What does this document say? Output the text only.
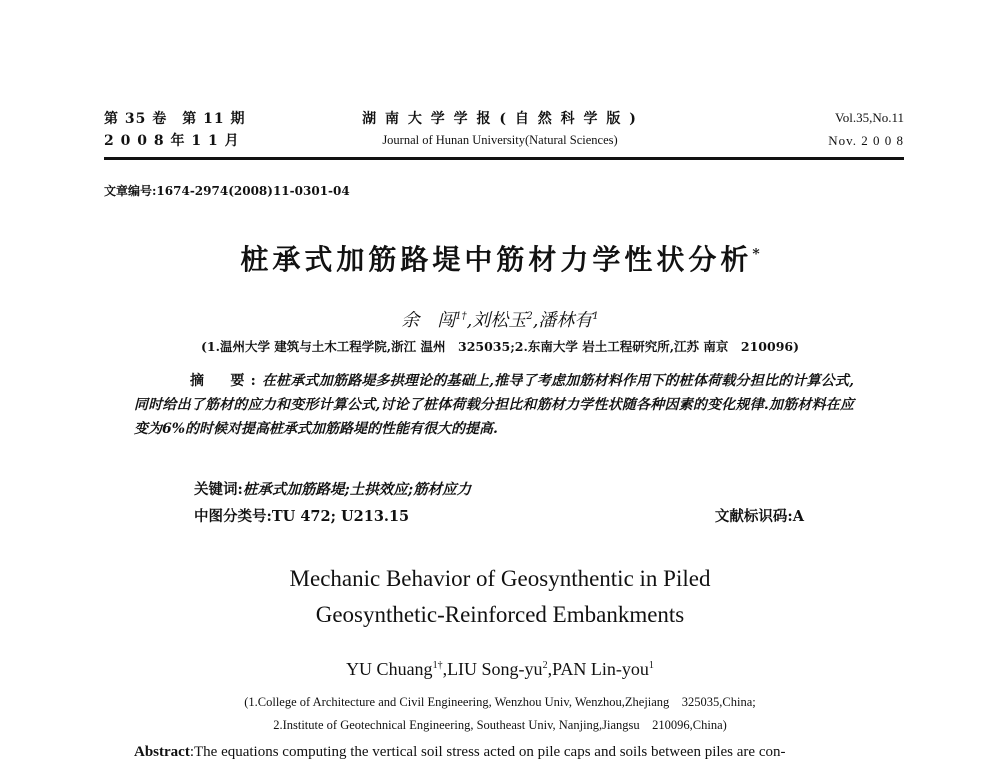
第 35 卷　第 11 期
2 0 0 8 年 1 1 月
湖 南 大 学 学 报 ( 自 然 科 学 版 )
Journal of Hunan University(Natural Sciences)
Vol.35,No.11
Nov. 2 0 0 8
文章编号:1674-2974(2008)11-0301-04
桩承式加筋路堤中筋材力学性状分析*
余　闯$^{1\dagger}$,刘松玉$^2$,潘林有$^1$
(1.温州大学 建筑与土木工程学院,浙江 温州　325035;2.东南大学 岩土工程研究所,江苏 南京　210096)
摘　要:在桩承式加筋路堤多拱理论的基础上,推导了考虑加筋材料作用下的桩体荷载分担比的计算公式,同时给出了筋材的应力和变形计算公式,讨论了桩体荷载分担比和筋材力学性状随各种因素的变化规律.加筋材料在应变为6%的时候对提高桩承式加筋路堤的性能有很大的提高.
关键词:桩承式加筋路堤;土拱效应;筋材应力
中图分类号:TU 472; U213.15	文献标识码:A
Mechanic Behavior of Geosynthentic in Piled
Geosynthetic-Reinforced Embankments
YU Chuang$^{1\dagger}$,LIU Song-$yu^2,PAN$ Lin-you$^1$
(1.College of Architecture and Civil Engineering, Wenzhou Univ, Wenzhou,Zhejiang　325035,China;
2.Institute of Geotechnical Engineering, Southeast Univ, Nanjing,Jiangsu　210096,China)
Abstract:The equations computing the vertical soil stress acted on pile caps and soils between piles are con-
